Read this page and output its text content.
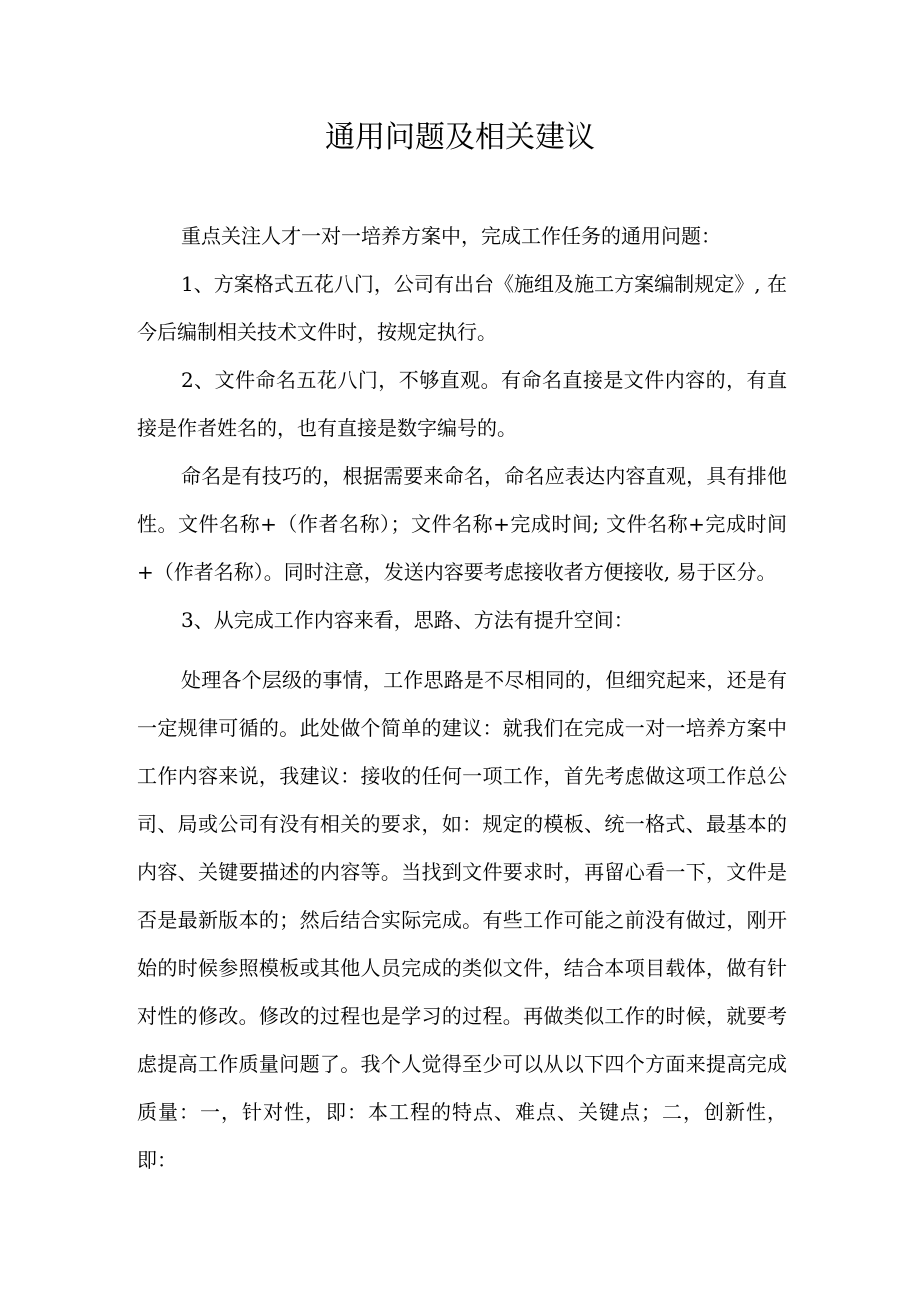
通用问题及相关建议

重点关注人才一对一培养方案中，完成工作任务的通用问题：

1、方案格式五花八门，公司有出台《施组及施工方案编制规定》, 在今后编制相关技术文件时，按规定执行。

2、文件命名五花八门，不够直观。有命名直接是文件内容的，有直接是作者姓名的，也有直接是数字编号的。

命名是有技巧的，根据需要来命名，命名应表达内容直观，具有排他性。文件名称+（作者名称）；文件名称+完成时间; 文件名称+完成时间+（作者名称）。同时注意，发送内容要考虑接收者方便接收, 易于区分。

3、从完成工作内容来看，思路、方法有提升空间：

处理各个层级的事情，工作思路是不尽相同的，但细究起来，还是有一定规律可循的。此处做个简单的建议：就我们在完成一对一培养方案中工作内容来说，我建议：接收的任何一项工作，首先考虑做这项工作总公司、局或公司有没有相关的要求，如：规定的模板、统一格式、最基本的内容、关键要描述的内容等。当找到文件要求时，再留心看一下，文件是否是最新版本的；然后结合实际完成。有些工作可能之前没有做过，刚开始的时候参照模板或其他人员完成的类似文件，结合本项目载体，做有针对性的修改。修改的过程也是学习的过程。再做类似工作的时候，就要考虑提高工作质量问题了。我个人觉得至少可以从以下四个方面来提高完成质量：一，针对性，即：本工程的特点、难点、关键点；二，创新性，即：
